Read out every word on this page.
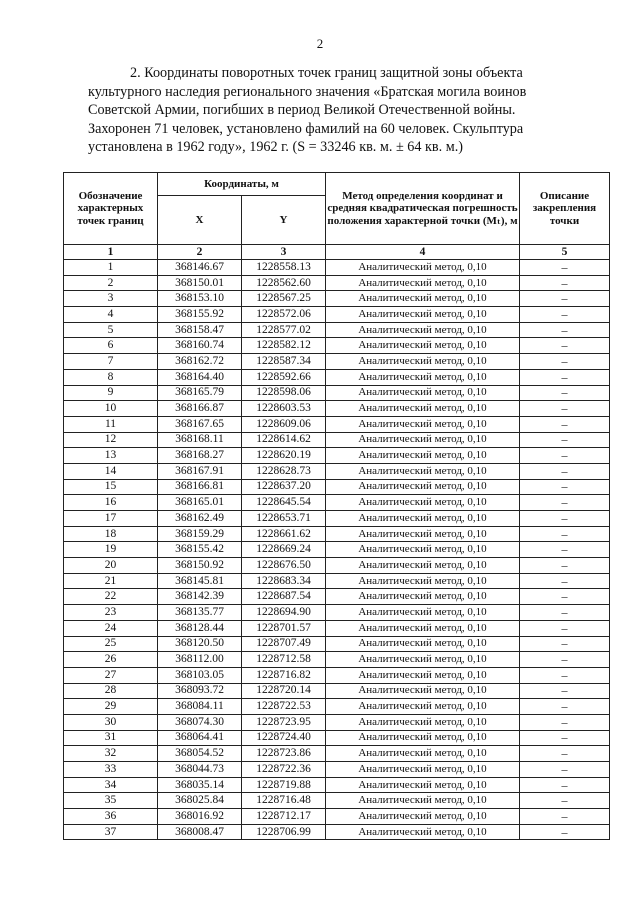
2
2. Координаты поворотных точек границ защитной зоны объекта
культурного наследия регионального значения «Братская могила воинов
Советской Армии, погибших в период Великой Отечественной войны.
Захоронен 71 человек, установлено фамилий на 60 человек. Скульптура
установлена в 1962 году», 1962 г. (S = 33246 кв. м. ± 64 кв. м.)
Обозначение характерных точек границ	Координаты, м		Метод определения координат и средняя квадратическая погрешность положения характерной точки (Mₜ), м	Описание закрепления точки
	X	Y		
1	2	3	4	5
1	368146.67	1228558.13	Аналитический метод, 0,10	–
2	368150.01	1228562.60	Аналитический метод, 0,10	–
3	368153.10	1228567.25	Аналитический метод, 0,10	–
4	368155.92	1228572.06	Аналитический метод, 0,10	–
5	368158.47	1228577.02	Аналитический метод, 0,10	–
6	368160.74	1228582.12	Аналитический метод, 0,10	–
7	368162.72	1228587.34	Аналитический метод, 0,10	–
8	368164.40	1228592.66	Аналитический метод, 0,10	–
9	368165.79	1228598.06	Аналитический метод, 0,10	–
10	368166.87	1228603.53	Аналитический метод, 0,10	–
11	368167.65	1228609.06	Аналитический метод, 0,10	–
12	368168.11	1228614.62	Аналитический метод, 0,10	–
13	368168.27	1228620.19	Аналитический метод, 0,10	–
14	368167.91	1228628.73	Аналитический метод, 0,10	–
15	368166.81	1228637.20	Аналитический метод, 0,10	–
16	368165.01	1228645.54	Аналитический метод, 0,10	–
17	368162.49	1228653.71	Аналитический метод, 0,10	–
18	368159.29	1228661.62	Аналитический метод, 0,10	–
19	368155.42	1228669.24	Аналитический метод, 0,10	–
20	368150.92	1228676.50	Аналитический метод, 0,10	–
21	368145.81	1228683.34	Аналитический метод, 0,10	–
22	368142.39	1228687.54	Аналитический метод, 0,10	–
23	368135.77	1228694.90	Аналитический метод, 0,10	–
24	368128.44	1228701.57	Аналитический метод, 0,10	–
25	368120.50	1228707.49	Аналитический метод, 0,10	–
26	368112.00	1228712.58	Аналитический метод, 0,10	–
27	368103.05	1228716.82	Аналитический метод, 0,10	–
28	368093.72	1228720.14	Аналитический метод, 0,10	–
29	368084.11	1228722.53	Аналитический метод, 0,10	–
30	368074.30	1228723.95	Аналитический метод, 0,10	–
31	368064.41	1228724.40	Аналитический метод, 0,10	–
32	368054.52	1228723.86	Аналитический метод, 0,10	–
33	368044.73	1228722.36	Аналитический метод, 0,10	–
34	368035.14	1228719.88	Аналитический метод, 0,10	–
35	368025.84	1228716.48	Аналитический метод, 0,10	–
36	368016.92	1228712.17	Аналитический метод, 0,10	–
37	368008.47	1228706.99	Аналитический метод, 0,10	–
